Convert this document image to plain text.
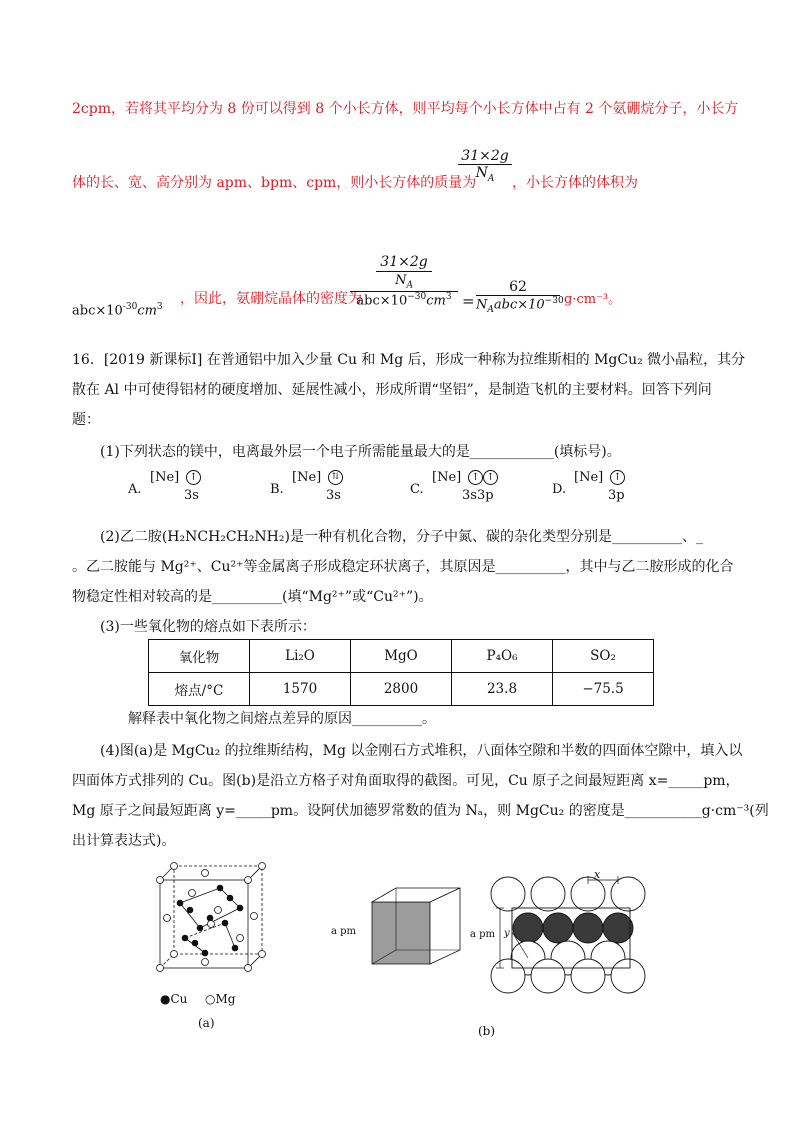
2cpm，若将其平均分为 8 份可以得到 8 个小长方体，则平均每个小长方体中占有 2 个氨硼烷分子，小长方
体的长、宽、高分别为 apm、bpm、cpm，则小长方体的质量为
31×2g
$N_A$	，小长方体的体积为
$abc\times 10^{-30}cm^3$ ，因此，氨硼烷晶体的密度为
31×2g
$N_A$
$abc\times 10^{-30}cm^3$ =
62
$N_Aabc\times 10^{-30}$ g·cm⁻³。
16．[2019 新课标Ⅰ] 在普通铝中加入少量 Cu 和 Mg 后，形成一种称为拉维斯相的 MgCu₂ 微小晶粒，其分
散在 Al 中可使得铝材的硬度增加、延展性减小，形成所谓“坚铝”，是制造飞机的主要材料。回答下列问
题：
(1)下列状态的镁中，电离最外层一个电子所需能量最大的是____________(填标号)。
A.
[Ne]	↑
3s	B.
[Ne]	⇅
3s	C.
[Ne]	↑ ↑
3s3p	D.
[Ne]	↑
3p
(2)乙二胺(H₂NCH₂CH₂NH₂)是一种有机化合物，分子中氮、碳的杂化类型分别是__________、_
。乙二胺能与 Mg²⁺、Cu²⁺等金属离子形成稳定环状离子，其原因是__________，其中与乙二胺形成的化合
物稳定性相对较高的是__________(填“Mg²⁺”或“Cu²⁺”)。
(3)一些氧化物的熔点如下表所示：
氧化物	Li₂O	MgO	P₄O₆	SO₂
熔点/°C	1570	2800	23.8	−75.5
解释表中氧化物之间熔点差异的原因__________。
(4)图(a)是 MgCu₂ 的拉维斯结构，Mg 以金刚石方式堆积，八面体空隙和半数的四面体空隙中，填入以
四面体方式排列的 Cu。图(b)是沿立方格子对角面取得的截图。可见，Cu 原子之间最短距离 x=_____pm，
Mg 原子之间最短距离 y=_____pm。设阿伏加德罗常数的值为 Nₐ，则 MgCu₂ 的密度是___________g·cm⁻³(列
出计算表达式)。
●Cu ○Mg
(a)
a pm
x
y
a pm
(b)
